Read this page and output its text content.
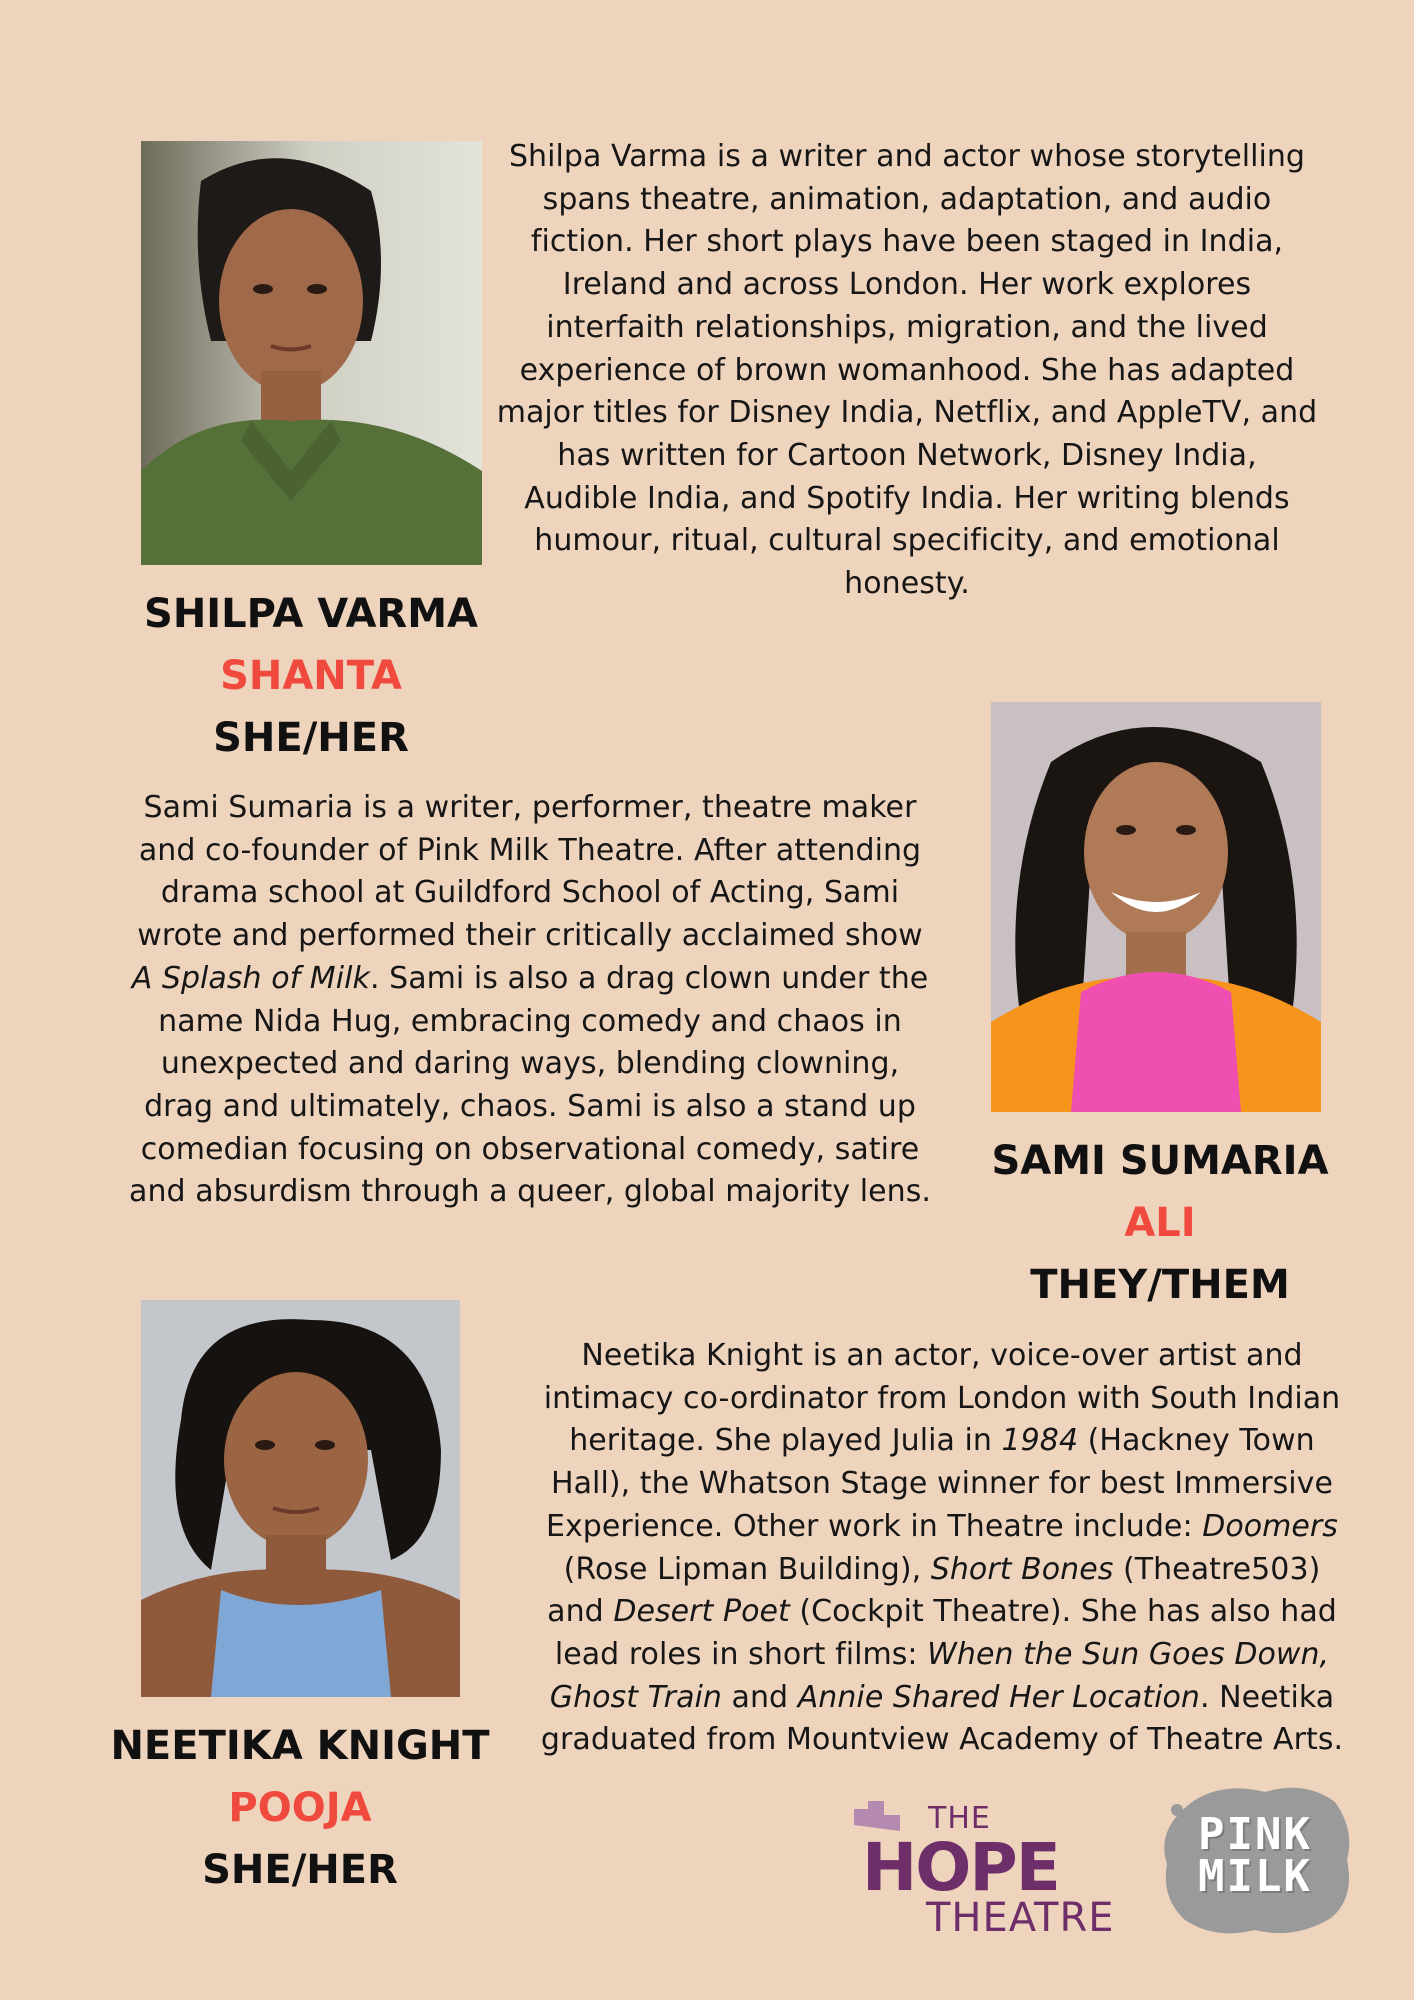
Shilpa Varma is a writer and actor whose storytelling
spans theatre, animation, adaptation, and audio
fiction. Her short plays have been staged in India,
Ireland and across London. Her work explores
interfaith relationships, migration, and the lived
experience of brown womanhood. She has adapted
major titles for Disney India, Netflix, and AppleTV, and
has written for Cartoon Network, Disney India,
Audible India, and Spotify India. Her writing blends
humour, ritual, cultural specificity, and emotional
honesty.
SHILPA VARMA
SHANTA
SHE/HER
Sami Sumaria is a writer, performer, theatre maker
and co-founder of Pink Milk Theatre. After attending
drama school at Guildford School of Acting, Sami
wrote and performed their critically acclaimed show
A Splash of Milk. Sami is also a drag clown under the
name Nida Hug, embracing comedy and chaos in
unexpected and daring ways, blending clowning,
drag and ultimately, chaos. Sami is also a stand up
comedian focusing on observational comedy, satire
and absurdism through a queer, global majority lens.
SAMI SUMARIA
ALI
THEY/THEM
Neetika Knight is an actor, voice-over artist and
intimacy co-ordinator from London with South Indian
heritage. She played Julia in 1984 (Hackney Town
Hall), the Whatson Stage winner for best Immersive
Experience. Other work in Theatre include: Doomers
(Rose Lipman Building), Short Bones (Theatre503)
and Desert Poet (Cockpit Theatre). She has also had
lead roles in short films: When the Sun Goes Down,
Ghost Train and Annie Shared Her Location. Neetika
graduated from Mountview Academy of Theatre Arts.
NEETIKA KNIGHT
POOJA
SHE/HER
THE
HOPE
THEATRE
PINK
MILK
